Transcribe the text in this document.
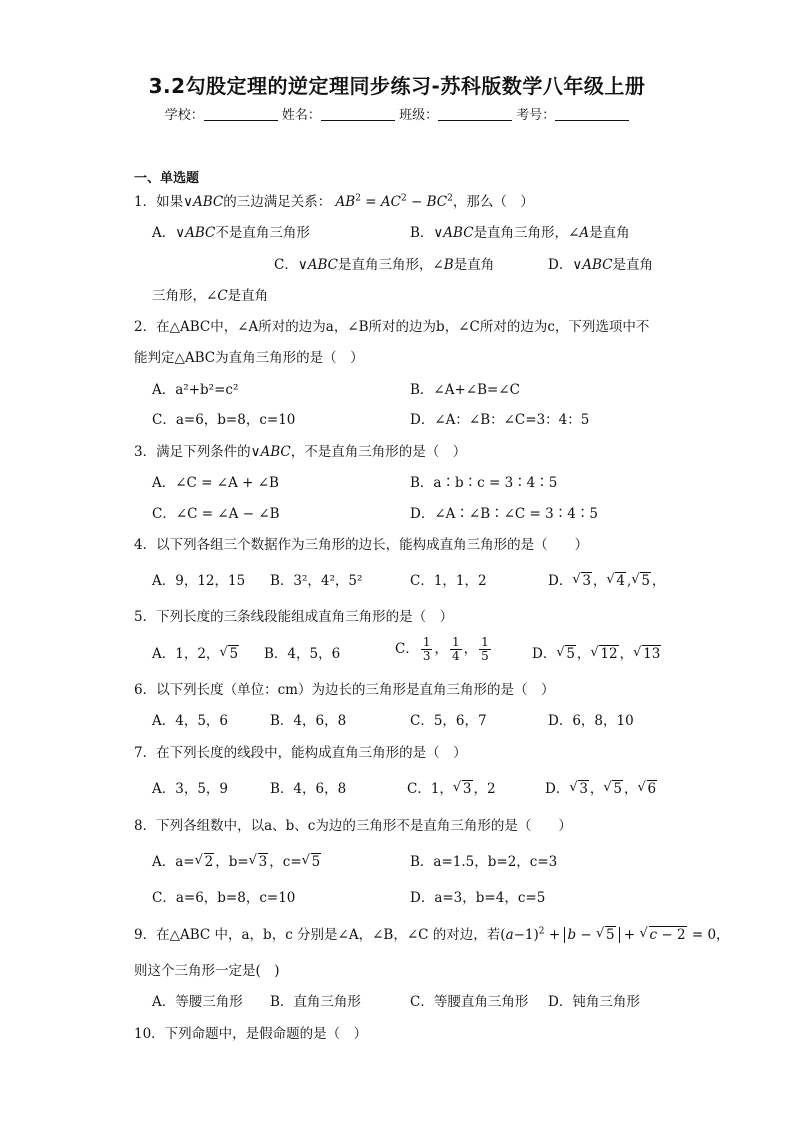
3.2勾股定理的逆定理同步练习-苏科版数学八年级上册
学校：	姓名：	班级：	考号：
一、单选题
1．如果∨ABC的三边满足关系： $AB^2 = AC^2 - BC^2$，那么（　）
A．∨ABC不是直角三角形	B．∨ABC是直角三角形，∠A是直角
C．∨ABC是直角三角形，∠B是直角	D．∨ABC是直角
三角形，∠C是直角
2．在△ABC中，∠A所对的边为a，∠B所对的边为b，∠C所对的边为c，下列选项中不
能判定△ABC为直角三角形的是（　）
A．a²+b²=c²	B．∠A+∠B=∠C
C．a=6，b=8，c=10	D．∠A：∠B：∠C=3：4：5
3．满足下列条件的∨ABC，不是直角三角形的是（　）
A．∠C = ∠A + ∠B	B．a∶b∶c = 3∶4∶5
C．∠C = ∠A − ∠B	D．∠A∶∠B∶∠C = 3∶4∶5
4．以下列各组三个数据作为三角形的边长，能构成直角三角形的是（　　）
A．9，12，15 B．3²，4²，5²	C．1，1，2	D． √ 3 ， √ 4 , √ 5 ，
5．下列长度的三条线段能组成直角三角形的是（　）
A．1，2， √ 5 B．4，5，6	C． $\frac{1}{3}$ ， $\frac{1}{4}$ ， $\frac{1}{5}$	D． √ 5 ， √ 12 ， √ 13
6．以下列长度（单位：cm）为边长的三角形是直角三角形的是（　）
A．4，5，6	B．4，6，8	C．5，6，7	D．6，8，10
7．在下列长度的线段中，能构成直角三角形的是（　）
A．3，5，9	B．4，6，8	C．1， √ 3 ，2	D． √ 3 ， √ 5 ， √ 6
8．下列各组数中，以a、b、c为边的三角形不是直角三角形的是（　　）
A．a= √ 2 ，b= √ 3 ，c= √ 5	B．a=1.5，b=2，c=3
C．a=6，b=8，c=10	D．a=3，b=4，c=5
9．在△ABC 中，a，b，c 分别是∠A，∠B，∠C 的对边，若$(a-1)^2 + b$ − √ 5 + √ c − 2 = 0，
则这个三角形一定是(　)
A．等腰三角形 B．直角三角形	C．等腰直角三角形 D．钝角三角形
10．下列命题中，是假命题的是（　）
